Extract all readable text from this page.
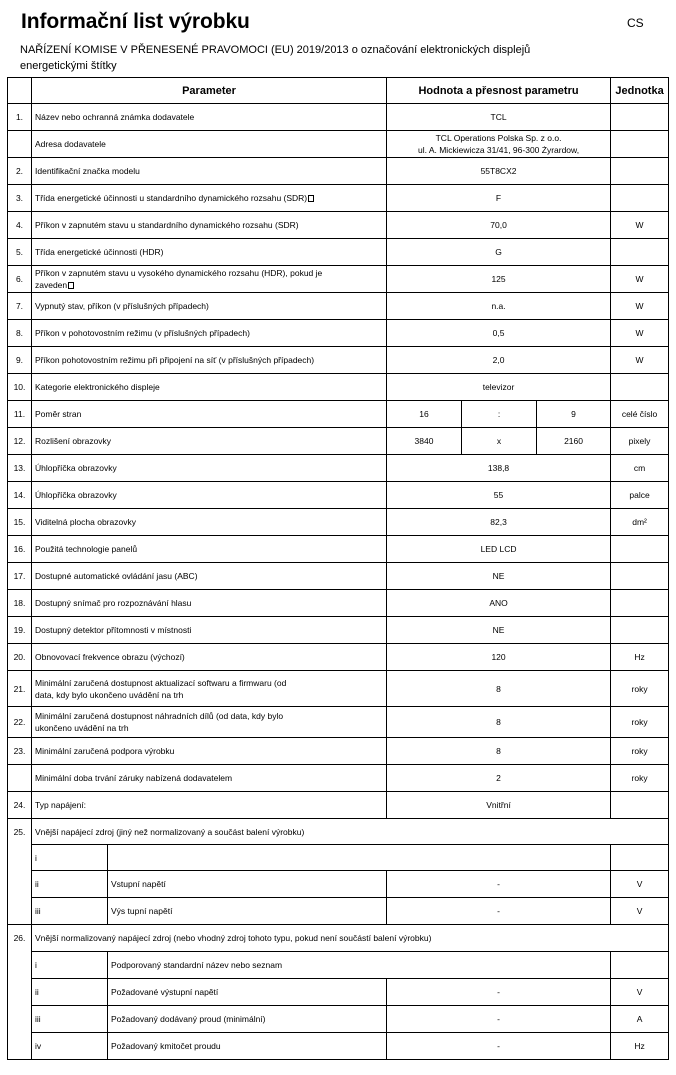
Informační list výrobku	CS
NAŘÍZENÍ KOMISE V PŘENESENÉ PRAVOMOCI (EU) 2019/2013 o označování elektronických displejů energetickými štítky
	Parameter		Hodnota a přesnost parametru			Jednotka
1.	Název nebo ochranná známka dodavatele		TCL			
	Adresa dodavatele		TCL Operations Polska Sp. z o.o.
ul. A. Mickiewicza 31/41, 96-300 Żyrardow,			

2.	Identifikační značka modelu		55T8CX2			
3.	Třída energetické účinnosti u standardního dynamického rozsahu (SDR)		F			
4.	Příkon v zapnutém stavu u standardního dynamického rozsahu (SDR)		70,0			W
5.	Třída energetické účinnosti (HDR)		G			
6.	Příkon v zapnutém stavu u vysokého dynamického rozsahu (HDR), pokud je
zaveden		125			W
7.	Vypnutý stav, příkon (v příslušných případech)		n.a.			W
8.	Příkon v pohotovostním režimu (v příslušných případech)		0,5			W
9.	Příkon pohotovostním režimu při připojení na síť (v příslušných případech)		2,0			W
10.	Kategorie elektronického displeje		televizor			
11.	Poměr stran		16	:	9	celé číslo
12.	Rozlišení obrazovky		3840	x	2160	pixely
13.	Úhlopříčka obrazovky		138,8			cm
14.	Úhlopříčka obrazovky		55			palce
15.	Viditelná plocha obrazovky		82,3			dm²
16.	Použitá technologie panelů		LED LCD			
17.	Dostupné automatické ovládání jasu (ABC)		NE			
18.	Dostupný snímač pro rozpoznávání hlasu		ANO			
19.	Dostupný detektor přítomnosti v místnosti		NE			
20.	Obnovovací frekvence obrazu (výchozí)		120			Hz
21.	Minimální zaručená dostupnost aktualizací softwaru a firmwaru (od
data, kdy bylo ukončeno uvádění na trh		8			roky
22.	Minimální zaručená dostupnost náhradních dílů (od data, kdy bylo
ukončeno uvádění na trh		8			roky
23.	Minimální zaručená podpora výrobku		8			roky
	Minimální doba trvání záruky nabízená dodavatelem		2			roky
24.	Typ napájení:		Vnitřní			
25.	Vnější napájecí zdroj (jiný než normalizovaný a součást balení výrobku)					
	i					
	ii	Vstupní napětí	-			V
	iii	Výs tupní napětí	-			V
26.	Vnější normalizovaný napájecí zdroj (nebo vhodný zdroj tohoto typu, pokud není součástí balení výrobku)					
	i	Podporovaný standardní název nebo seznam				
	ii	Požadované výstupní napětí	-			V
	iii	Požadovaný dodávaný proud (minimální)	-			A
	iv	Požadovaný kmitočet proudu	-			Hz
